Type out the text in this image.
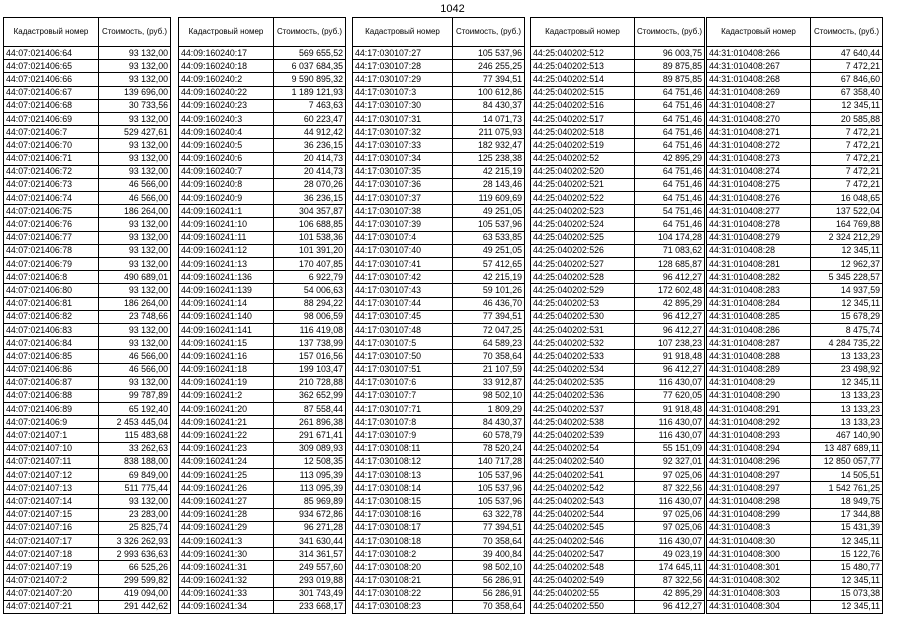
1042
Кадастровый номер	Стоимость, (руб.)
44:07:021406:64	93 132,00
44:07:021406:65	93 132,00
44:07:021406:66	93 132,00
44:07:021406:67	139 696,00
44:07:021406:68	30 733,56
44:07:021406:69	93 132,00
44:07:021406:7	529 427,61
44:07:021406:70	93 132,00
44:07:021406:71	93 132,00
44:07:021406:72	93 132,00
44:07:021406:73	46 566,00
44:07:021406:74	46 566,00
44:07:021406:75	186 264,00
44:07:021406:76	93 132,00
44:07:021406:77	93 132,00
44:07:021406:78	93 132,00
44:07:021406:79	93 132,00
44:07:021406:8	490 689,01
44:07:021406:80	93 132,00
44:07:021406:81	186 264,00
44:07:021406:82	23 748,66
44:07:021406:83	93 132,00
44:07:021406:84	93 132,00
44:07:021406:85	46 566,00
44:07:021406:86	46 566,00
44:07:021406:87	93 132,00
44:07:021406:88	99 787,89
44:07:021406:89	65 192,40
44:07:021406:9	2 453 445,04
44:07:021407:1	115 483,68
44:07:021407:10	33 262,63
44:07:021407:11	838 188,00
44:07:021407:12	69 849,00
44:07:021407:13	511 775,44
44:07:021407:14	93 132,00
44:07:021407:15	23 283,00
44:07:021407:16	25 825,74
44:07:021407:17	3 326 262,93
44:07:021407:18	2 993 636,63
44:07:021407:19	66 525,26
44:07:021407:2	299 599,82
44:07:021407:20	419 094,00
44:07:021407:21	291 442,62
Кадастровый номер	Стоимость, (руб.)
44:09:160240:17	569 655,52
44:09:160240:18	6 037 684,35
44:09:160240:2	9 590 895,32
44:09:160240:22	1 189 121,93
44:09:160240:23	7 463,63
44:09:160240:3	60 223,47
44:09:160240:4	44 912,42
44:09:160240:5	36 236,15
44:09:160240:6	20 414,73
44:09:160240:7	20 414,73
44:09:160240:8	28 070,26
44:09:160240:9	36 236,15
44:09:160241:1	304 357,87
44:09:160241:10	106 688,85
44:09:160241:11	101 538,36
44:09:160241:12	101 391,20
44:09:160241:13	170 407,85
44:09:160241:136	6 922,79
44:09:160241:139	54 006,63
44:09:160241:14	88 294,22
44:09:160241:140	98 006,59
44:09:160241:141	116 419,08
44:09:160241:15	137 738,99
44:09:160241:16	157 016,56
44:09:160241:18	199 103,47
44:09:160241:19	210 728,88
44:09:160241:2	362 652,99
44:09:160241:20	87 558,44
44:09:160241:21	261 896,38
44:09:160241:22	291 671,41
44:09:160241:23	309 089,93
44:09:160241:24	12 508,35
44:09:160241:25	113 095,39
44:09:160241:26	113 095,39
44:09:160241:27	85 969,89
44:09:160241:28	934 672,86
44:09:160241:29	96 271,28
44:09:160241:3	341 630,44
44:09:160241:30	314 361,57
44:09:160241:31	249 557,60
44:09:160241:32	293 019,88
44:09:160241:33	301 743,49
44:09:160241:34	233 668,17
Кадастровый номер	Стоимость, (руб.)
44:17:030107:27	105 537,96
44:17:030107:28	246 255,25
44:17:030107:29	77 394,51
44:17:030107:3	100 612,86
44:17:030107:30	84 430,37
44:17:030107:31	14 071,73
44:17:030107:32	211 075,93
44:17:030107:33	182 932,47
44:17:030107:34	125 238,38
44:17:030107:35	42 215,19
44:17:030107:36	28 143,46
44:17:030107:37	119 609,69
44:17:030107:38	49 251,05
44:17:030107:39	105 537,96
44:17:030107:4	63 533,85
44:17:030107:40	49 251,05
44:17:030107:41	57 412,65
44:17:030107:42	42 215,19
44:17:030107:43	59 101,26
44:17:030107:44	46 436,70
44:17:030107:45	77 394,51
44:17:030107:48	72 047,25
44:17:030107:5	64 589,23
44:17:030107:50	70 358,64
44:17:030107:51	21 107,59
44:17:030107:6	33 912,87
44:17:030107:7	98 502,10
44:17:030107:71	1 809,29
44:17:030107:8	84 430,37
44:17:030107:9	60 578,79
44:17:030108:11	78 520,24
44:17:030108:12	140 717,28
44:17:030108:13	105 537,96
44:17:030108:14	105 537,96
44:17:030108:15	105 537,96
44:17:030108:16	63 322,78
44:17:030108:17	77 394,51
44:17:030108:18	70 358,64
44:17:030108:2	39 400,84
44:17:030108:20	98 502,10
44:17:030108:21	56 286,91
44:17:030108:22	56 286,91
44:17:030108:23	70 358,64
Кадастровый номер	Стоимость, (руб.)
44:25:040202:512	96 003,75
44:25:040202:513	89 875,85
44:25:040202:514	89 875,85
44:25:040202:515	64 751,46
44:25:040202:516	64 751,46
44:25:040202:517	64 751,46
44:25:040202:518	64 751,46
44:25:040202:519	64 751,46
44:25:040202:52	42 895,29
44:25:040202:520	64 751,46
44:25:040202:521	64 751,46
44:25:040202:522	64 751,46
44:25:040202:523	54 751,46
44:25:040202:524	64 751,46
44:25:040202:525	104 174,28
44:25:040202:526	71 083,62
44:25:040202:527	128 685,87
44:25:040202:528	96 412,27
44:25:040202:529	172 602,48
44:25:040202:53	42 895,29
44:25:040202:530	96 412,27
44:25:040202:531	96 412,27
44:25:040202:532	107 238,23
44:25:040202:533	91 918,48
44:25:040202:534	96 412,27
44:25:040202:535	116 430,07
44:25:040202:536	77 620,05
44:25:040202:537	91 918,48
44:25:040202:538	116 430,07
44:25:040202:539	116 430,07
44:25:040202:54	55 151,09
44:25:040202:540	92 327,01
44:25:040202:541	97 025,06
44:25:040202:542	87 322,56
44:25:040202:543	116 430,07
44:25:040202:544	97 025,06
44:25:040202:545	97 025,06
44:25:040202:546	116 430,07
44:25:040202:547	49 023,19
44:25:040202:548	174 645,11
44:25:040202:549	87 322,56
44:25:040202:55	42 895,29
44:25:040202:550	96 412,27
Кадастровый номер	Стоимость, (руб.)
44:31:010408:266	47 640,44
44:31:010408:267	7 472,21
44:31:010408:268	67 846,60
44:31:010408:269	67 358,40
44:31:010408:27	12 345,11
44:31:010408:270	20 585,88
44:31:010408:271	7 472,21
44:31:010408:272	7 472,21
44:31:010408:273	7 472,21
44:31:010408:274	7 472,21
44:31:010408:275	7 472,21
44:31:010408:276	16 048,65
44:31:010408:277	137 522,04
44:31:010408:278	164 769,88
44:31:010408:279	2 324 212,29
44:31:010408:28	12 345,11
44:31:010408:281	12 962,37
44:31:010408:282	5 345 228,57
44:31:010408:283	14 937,59
44:31:010408:284	12 345,11
44:31:010408:285	15 678,29
44:31:010408:286	8 475,74
44:31:010408:287	4 284 735,22
44:31:010408:288	13 133,23
44:31:010408:289	23 498,92
44:31:010408:29	12 345,11
44:31:010408:290	13 133,23
44:31:010408:291	13 133,23
44:31:010408:292	13 133,23
44:31:010408:293	467 140,90
44:31:010408:294	13 487 689,11
44:31:010408:296	12 850 057,77
44:31:010408:297	14 505,51
44:31:010408:297	1 542 761,25
44:31:010408:298	18 949,75
44:31:010408:299	17 344,88
44:31:010408:3	15 431,39
44:31:010408:30	12 345,11
44:31:010408:300	15 122,76
44:31:010408:301	15 480,77
44:31:010408:302	12 345,11
44:31:010408:303	15 073,38
44:31:010408:304	12 345,11
